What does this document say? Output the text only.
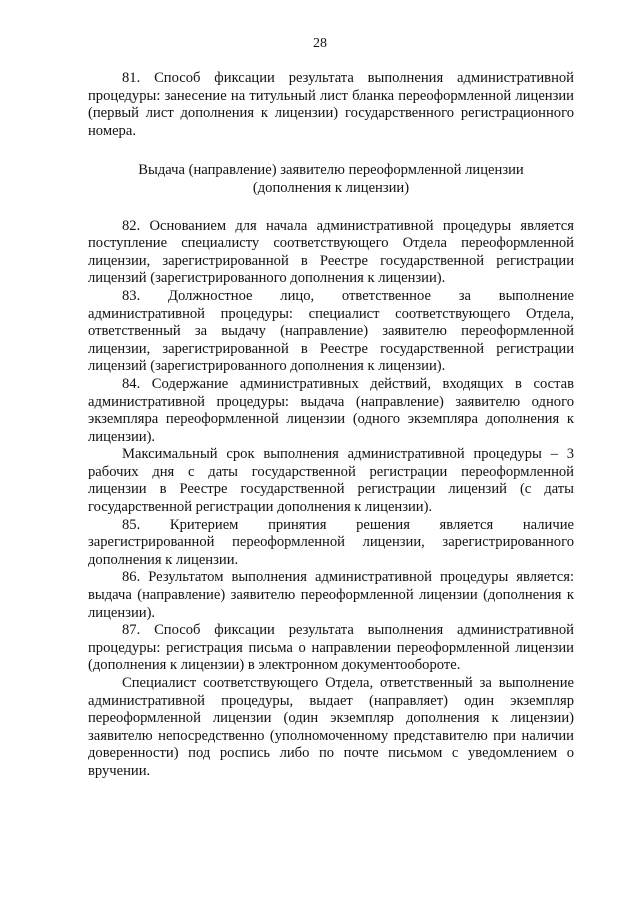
28

81. Способ фиксации результата выполнения административной процедуры: занесение на титульный лист бланка переоформленной лицензии (первый лист дополнения к лицензии) государственного регистрационного номера.

Выдача (направление) заявителю переоформленной лицензии
(дополнения к лицензии)

82. Основанием для начала административной процедуры является поступление специалисту соответствующего Отдела переоформленной лицензии, зарегистрированной в Реестре государственной регистрации лицензий (зарегистрированного дополнения к лицензии).

83. Должностное лицо, ответственное за выполнение административной процедуры: специалист соответствующего Отдела, ответственный за выдачу (направление) заявителю переоформленной лицензии, зарегистрированной в Реестре государственной регистрации лицензий (зарегистрированного дополнения к лицензии).

84. Содержание административных действий, входящих в состав административной процедуры: выдача (направление) заявителю одного экземпляра переоформленной лицензии (одного экземпляра дополнения к лицензии).

Максимальный срок выполнения административной процедуры – 3 рабочих дня с даты государственной регистрации переоформленной лицензии в Реестре государственной регистрации лицензий (с даты государственной регистрации дополнения к лицензии).

85. Критерием принятия решения является наличие зарегистрированной переоформленной лицензии, зарегистрированного дополнения к лицензии.

86. Результатом выполнения административной процедуры является: выдача (направление) заявителю переоформленной лицензии (дополнения к лицензии).

87. Способ фиксации результата выполнения административной процедуры: регистрация письма о направлении переоформленной лицензии (дополнения к лицензии) в электронном документообороте.

Специалист соответствующего Отдела, ответственный за выполнение административной процедуры, выдает (направляет) один экземпляр переоформленной лицензии (один экземпляр дополнения к лицензии) заявителю непосредственно (уполномоченному представителю при наличии доверенности) под роспись либо по почте письмом с уведомлением о вручении.
